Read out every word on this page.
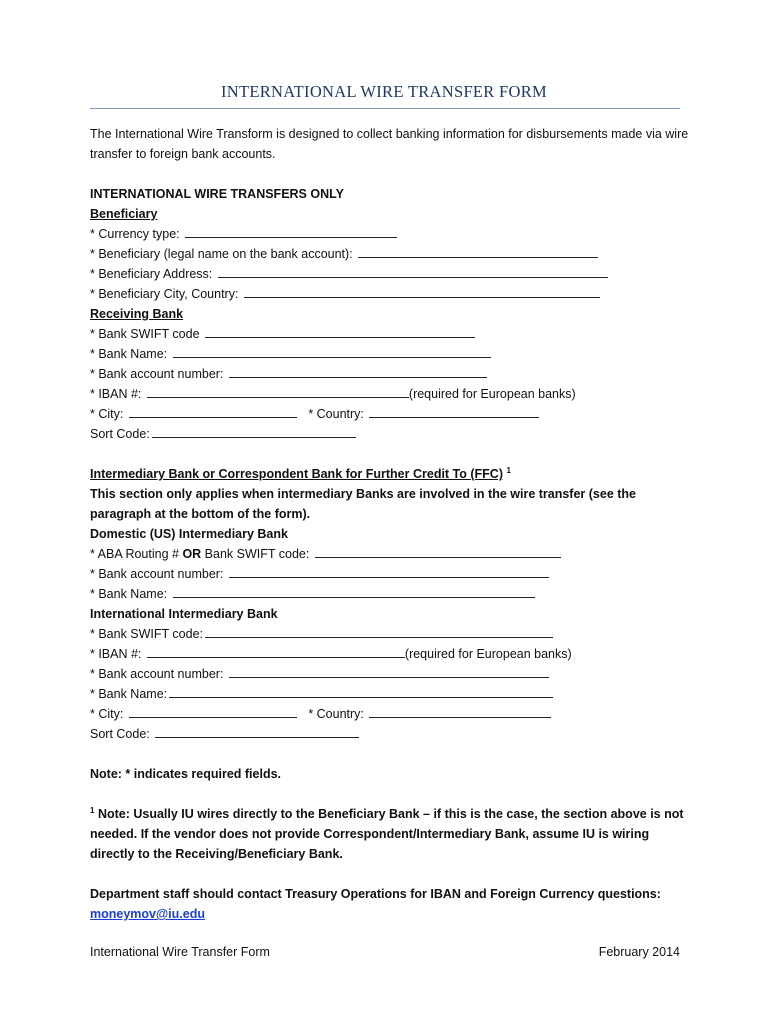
INTERNATIONAL WIRE TRANSFER FORM
The International Wire Transform is designed to collect banking information for disbursements made via wire transfer to foreign bank accounts.
INTERNATIONAL WIRE TRANSFERS ONLY
Beneficiary
* Currency type:
* Beneficiary (legal name on the bank account):
* Beneficiary Address:
* Beneficiary City, Country:
Receiving Bank
* Bank SWIFT code
* Bank Name:
* Bank account number:
* IBAN #:	(required for European banks)
* City:	* Country:
Sort Code:
Intermediary Bank or Correspondent Bank for Further Credit To (FFC) $^1$
This section only applies when intermediary Banks are involved in the wire transfer (see the paragraph at the bottom of the form).
Domestic (US) Intermediary Bank
* ABA Routing # OR Bank SWIFT code:
* Bank account number:
* Bank Name:
International Intermediary Bank
* Bank SWIFT code:
* IBAN #:	(required for European banks)
* Bank account number:
* Bank Name:
* City:	* Country:
Sort Code:
Note: * indicates required fields.
$^1$ Note: Usually IU wires directly to the Beneficiary Bank – if this is the case, the section above is not needed. If the vendor does not provide Correspondent/Intermediary Bank, assume IU is wiring directly to the Receiving/Beneficiary Bank.
Department staff should contact Treasury Operations for IBAN and Foreign Currency questions:
moneymov@iu.edu
International Wire Transfer Form	February 2014
